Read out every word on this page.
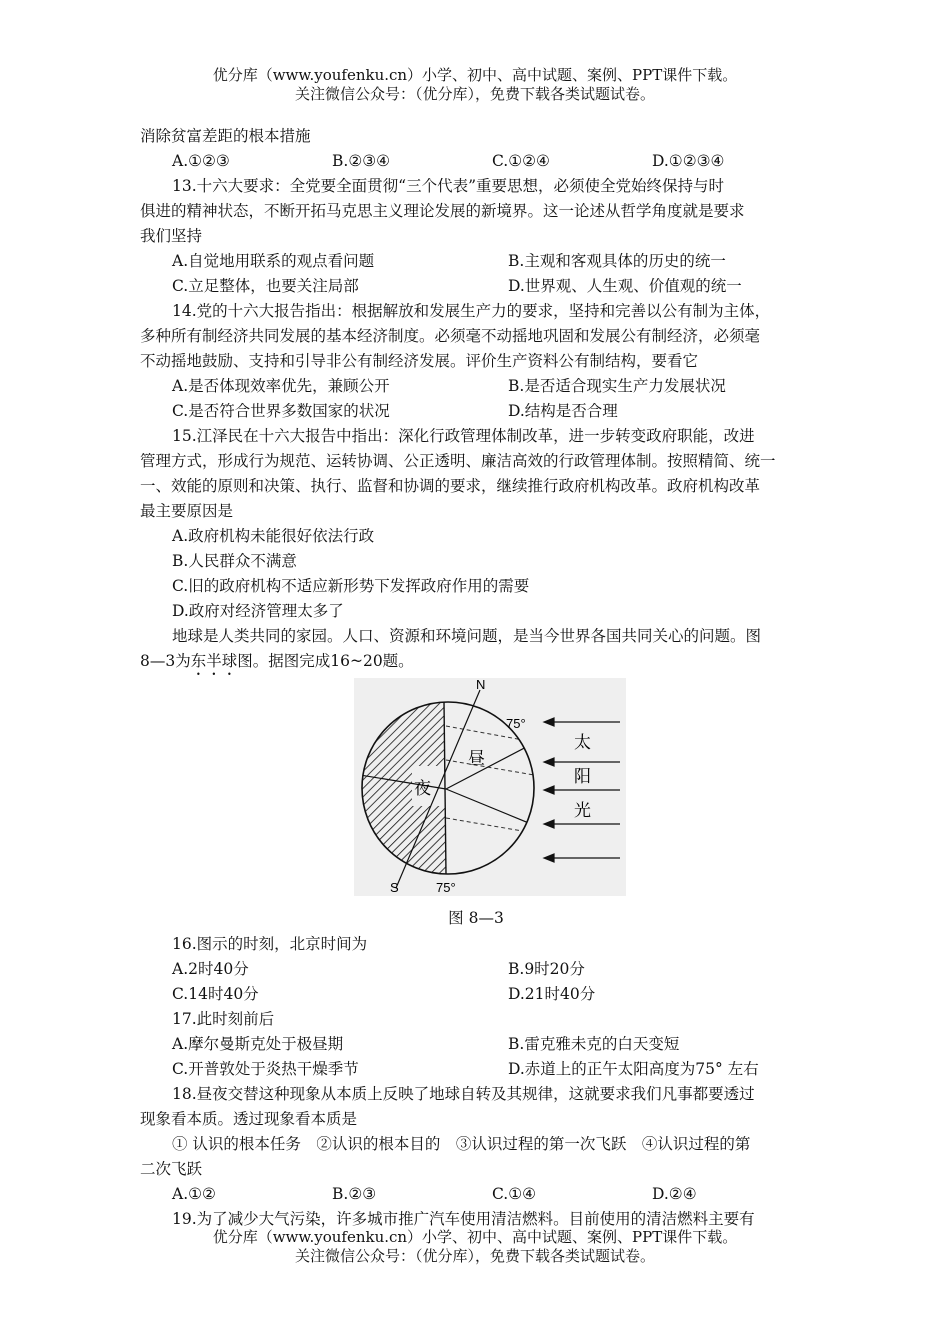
优分库（www.youfenku.cn）小学、初中、高中试题、案例、PPT课件下载。
关注微信公众号：（优分库），免费下载各类试题试卷。
消除贫富差距的根本措施
A.①②③	B.②③④	C.①②④	D.①②③④
13.十六大要求：全党要全面贯彻“三个代表”重要思想，必须使全党始终保持与时
俱进的精神状态，不断开拓马克思主义理论发展的新境界。这一论述从哲学角度就是要求
我们坚持
A.自觉地用联系的观点看问题	B.主观和客观具体的历史的统一
C.立足整体，也要关注局部	D.世界观、人生观、价值观的统一
14.党的十六大报告指出：根据解放和发展生产力的要求，坚持和完善以公有制为主体，
多种所有制经济共同发展的基本经济制度。必须毫不动摇地巩固和发展公有制经济，必须毫
不动摇地鼓励、支持和引导非公有制经济发展。评价生产资料公有制结构，要看它
A.是否体现效率优先，兼顾公开	B.是否适合现实生产力发展状况
C.是否符合世界多数国家的状况	D.结构是否合理
15.江泽民在十六大报告中指出：深化行政管理体制改革，进一步转变政府职能，改进
管理方式，形成行为规范、运转协调、公正透明、廉洁高效的行政管理体制。按照精简、统一
一、效能的原则和决策、执行、监督和协调的要求，继续推行政府机构改革。政府机构改革
最主要原因是
A.政府机构未能很好依法行政
B.人民群众不满意
C.旧的政府机构不适应新形势下发挥政府作用的需要
D.政府对经济管理太多了
地球是人类共同的家园。人口、资源和环境问题，是当今世界各国共同关心的问题。图
8—3为东半球图。据图完成16~20题。
N
S
75°
75°
昼
夜
太
阳
光
图 8—3
16.图示的时刻，北京时间为
A.2时40分	B.9时20分
C.14时40分	D.21时40分
17.此时刻前后
A.摩尔曼斯克处于极昼期	B.雷克雅未克的白天变短
C.开普敦处于炎热干燥季节	D.赤道上的正午太阳高度为75° 左右
18.昼夜交替这种现象从本质上反映了地球自转及其规律，这就要求我们凡事都要透过
现象看本质。透过现象看本质是
① 认识的根本任务　②认识的根本目的　③认识过程的第一次飞跃　④认识过程的第
二次飞跃
A.①②	B.②③	C.①④	D.②④
19.为了减少大气污染，许多城市推广汽车使用清洁燃料。目前使用的清洁燃料主要有
优分库（www.youfenku.cn）小学、初中、高中试题、案例、PPT课件下载。
关注微信公众号：（优分库），免费下载各类试题试卷。
